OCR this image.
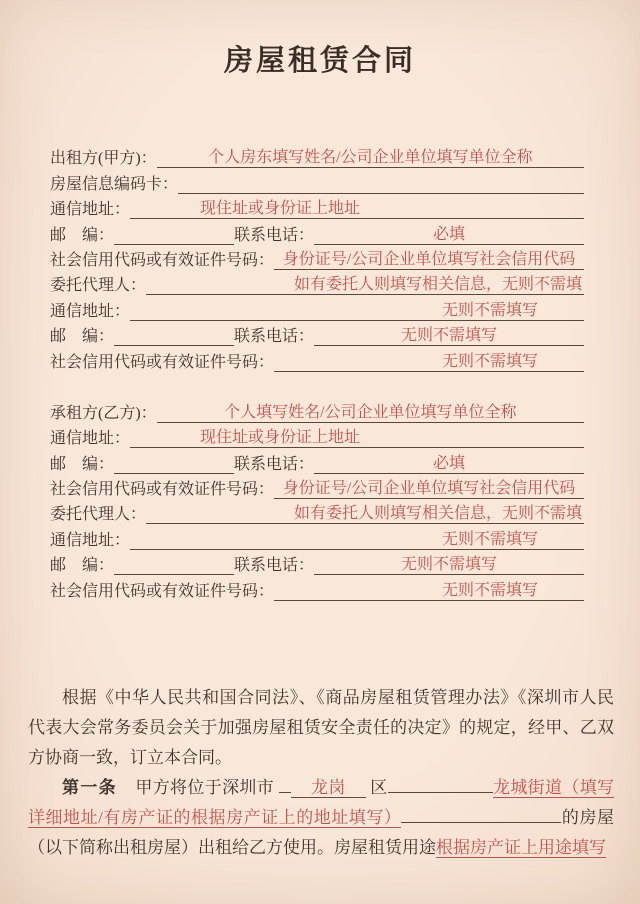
房屋租赁合同
出租方(甲方)：	个人房东填写姓名/公司企业单位填写单位全称
房屋信息编码卡：
通信地址：	现住址或身份证上地址
邮　编：	联系电话：	必填
社会信用代码或有效证件号码： 身份证号/公司企业单位填写社会信用代码
委托代理人：	如有委托人则填写相关信息，无则不需填
通信地址：	无则不需填写
邮　编：	联系电话：	无则不需填写
社会信用代码或有效证件号码：	无则不需填写
承租方(乙方)：	个人填写姓名/公司企业单位填写单位全称
通信地址：	现住址或身份证上地址
邮　编：	联系电话：	必填
社会信用代码或有效证件号码： 身份证号/公司企业单位填写社会信用代码
委托代理人：	如有委托人则填写相关信息，无则不需填
通信地址：	无则不需填写
邮　编：	联系电话：	无则不需填写
社会信用代码或有效证件号码：	无则不需填写

根据《中华人民共和国合同法》、《商品房屋租赁管理办法》《深圳市人民代表大会常务委员会关于加强房屋租赁安全责任的决定》的规定，经甲、乙双方协商一致，订立本合同。

第一条 甲方将位于深圳市 龙岗 区	龙城街道（填写详细地址/有房产证的根据房产证上的地址填写）	的房屋（以下简称出租房屋）出租给乙方使用。房屋租赁用途根据房产证上用途填写
